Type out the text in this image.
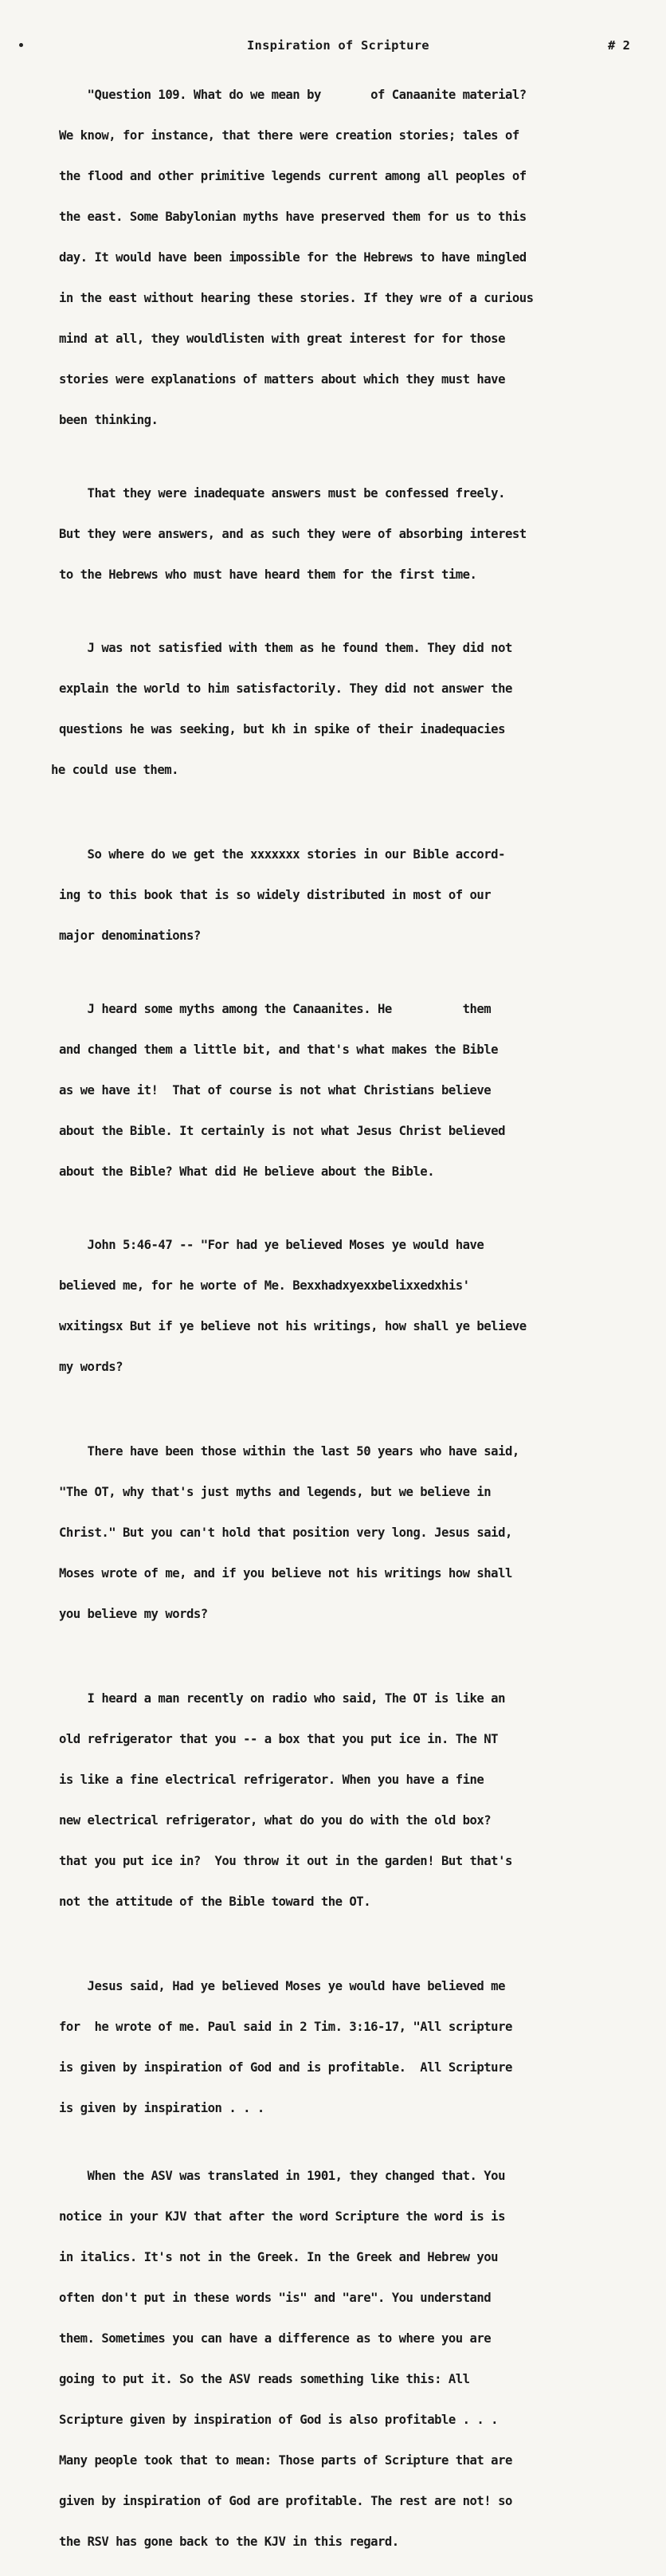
Inspiration of Scripture	# 2

"Question 109. What do we mean by       of Canaanite material?

We know, for instance, that there were creation stories; tales of

the flood and other primitive legends current among all peoples of

the east. Some Babylonian myths have preserved them for us to this

day. It would have been impossible for the Hebrews to have mingled

in the east without hearing these stories. If they wre of a curious

mind at all, they wouldlisten with great interest for for those

stories were explanations of matters about which they must have

been thinking.

That they were inadequate answers must be confessed freely.

But they were answers, and as such they were of absorbing interest

to the Hebrews who must have heard them for the first time.

J was not satisfied with them as he found them. They did not

explain the world to him satisfactorily. They did not answer the

questions he was seeking, but kh in spike of their inadequacies

he could use them.

So where do we get the xxxxxxx stories in our Bible accord-

ing to this book that is so widely distributed in most of our

major denominations?

J heard some myths among the Canaanites. He          them

and changed them a little bit, and that's what makes the Bible

as we have it!  That of course is not what Christians believe

about the Bible. It certainly is not what Jesus Christ believed

about the Bible? What did He believe about the Bible.

John 5:46-47 -- "For had ye believed Moses ye would have

believed me, for he worte of Me. Bexxhadxyexxbelixxedxhis'

wxitingsx But if ye believe not his writings, how shall ye believe

my words?

There have been those within the last 50 years who have said,

"The OT, why that's just myths and legends, but we believe in

Christ." But you can't hold that position very long. Jesus said,

Moses wrote of me, and if you believe not his writings how shall

you believe my words?

I heard a man recently on radio who said, The OT is like an

old refrigerator that you -- a box that you put ice in. The NT

is like a fine electrical refrigerator. When you have a fine

new electrical refrigerator, what do you do with the old box?

that you put ice in?  You throw it out in the garden! But that's

not the attitude of the Bible toward the OT.

Jesus said, Had ye believed Moses ye would have believed me

for  he wrote of me. Paul said in 2 Tim. 3:16-17, "All scripture

is given by inspiration of God and is profitable.  All Scripture

is given by inspiration . . .

When the ASV was translated in 1901, they changed that. You

notice in your KJV that after the word Scripture the word is is

in italics. It's not in the Greek. In the Greek and Hebrew you

often don't put in these words "is" and "are". You understand

them. Sometimes you can have a difference as to where you are

going to put it. So the ASV reads something like this: All

Scripture given by inspiration of God is also profitable . . .

Many people took that to mean: Those parts of Scripture that are

given by inspiration of God are profitable. The rest are not! so

the RSV has gone back to the KJV in this regard.
